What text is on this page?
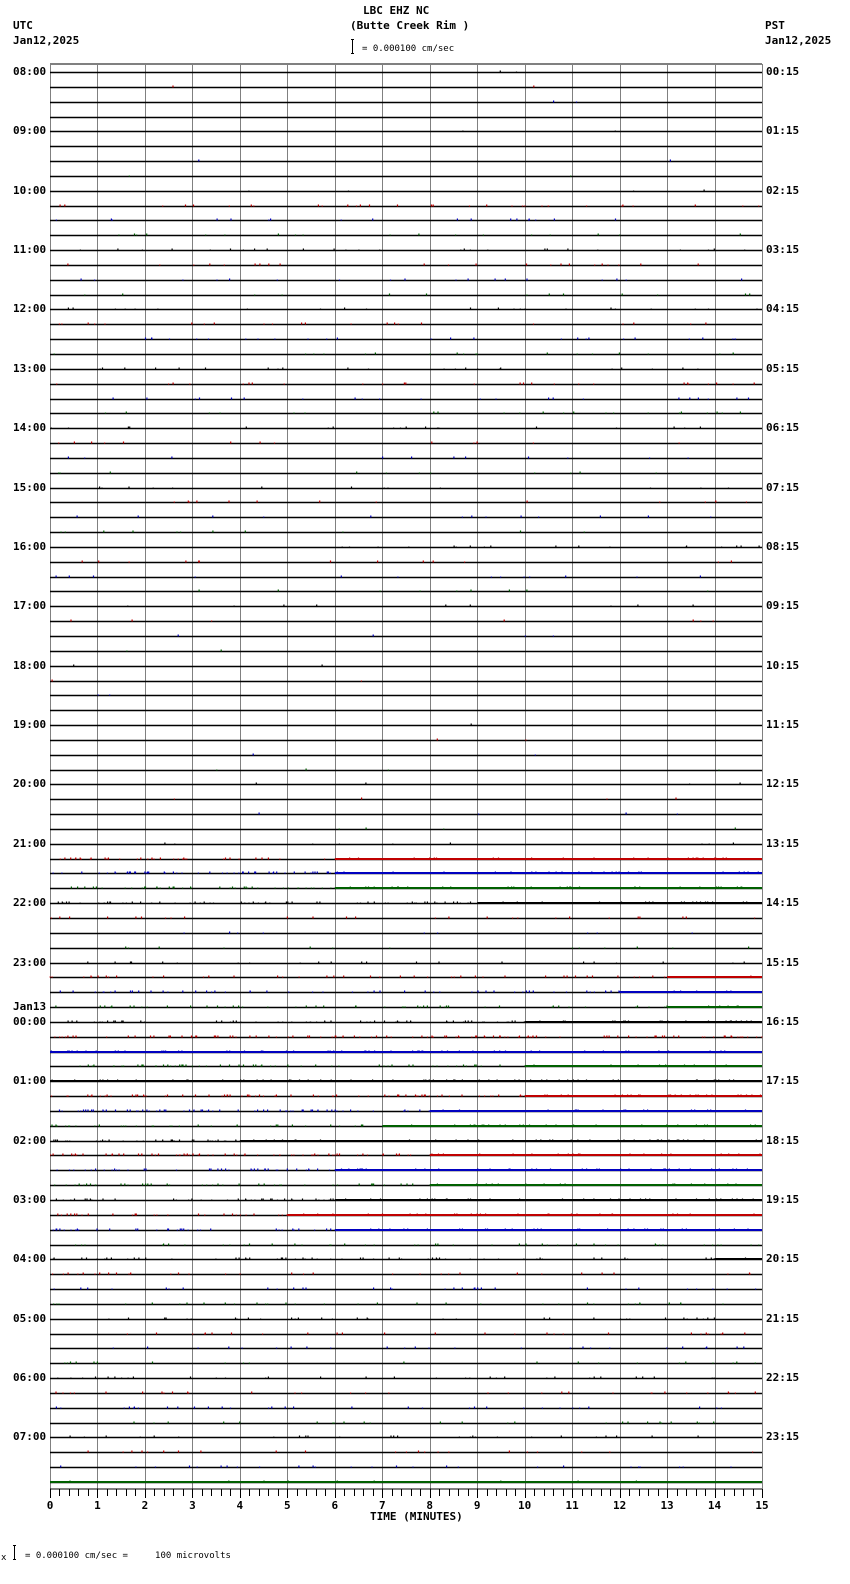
LBC EHZ NC
(Butte Creek Rim )
UTC
Jan12,2025
PST
Jan12,2025
= 0.000100 cm/sec
08:00
09:00
10:00
11:00
12:00
13:00
14:00
15:00
16:00
17:00
18:00
19:00
20:00
21:00
22:00
23:00
Jan13
00:00
01:00
02:00
03:00
04:00
05:00
06:00
07:00
00:15
01:15
02:15
03:15
04:15
05:15
06:15
07:15
08:15
09:15
10:15
11:15
12:15
13:15
14:15
15:15
16:15
17:15
18:15
19:15
20:15
21:15
22:15
23:15
0	1	2	3	4	5	6	7	8	9	10	11	12	13	14	15
TIME (MINUTES)
x = 0.000100 cm/sec =     100 microvolts
